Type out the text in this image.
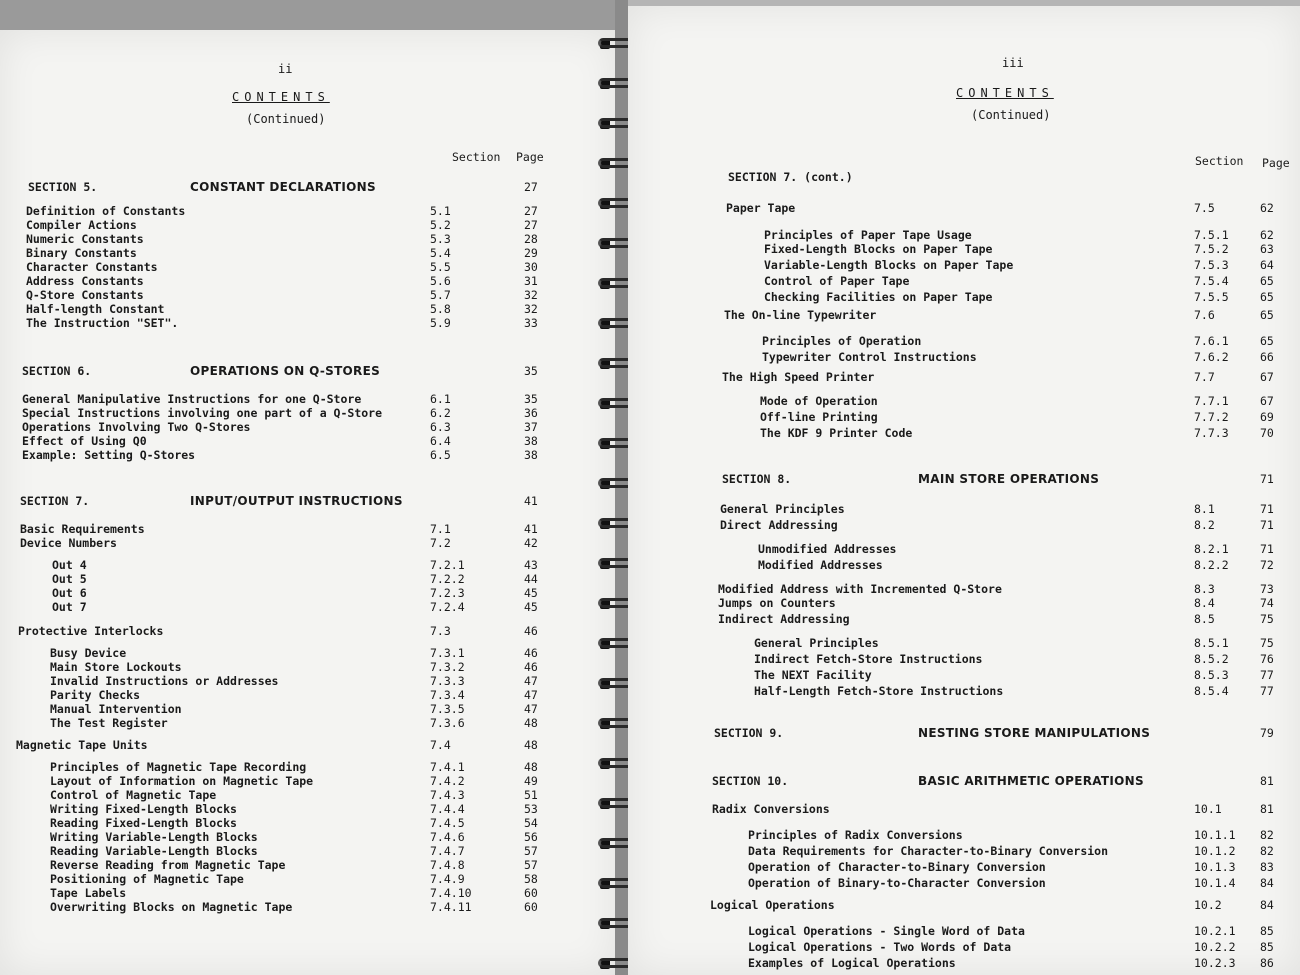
ii
CONTENTS
(Continued)
Section Page
SECTION 5.	CONSTANT DECLARATIONS	27
Definition of Constants	5.1	27
Compiler Actions	5.2	27
Numeric Constants	5.3	28
Binary Constants	5.4	29
Character Constants	5.5	30
Address Constants	5.6	31
Q-Store Constants	5.7	32
Half-length Constant	5.8	32
The Instruction "SET".	5.9	33
SECTION 6.	OPERATIONS ON Q-STORES	35
General Manipulative Instructions for one Q-Store	6.1	35
Special Instructions involving one part of a Q-Store	6.2	36
Operations Involving Two Q-Stores	6.3	37
Effect of Using Q0	6.4	38
Example: Setting Q-Stores	6.5	38
SECTION 7.	INPUT/OUTPUT INSTRUCTIONS	41
Basic Requirements	7.1	41
Device Numbers	7.2	42
Out 4	7.2.1	43
Out 5	7.2.2	44
Out 6	7.2.3	45
Out 7	7.2.4	45
Protective Interlocks	7.3	46
Busy Device	7.3.1	46
Main Store Lockouts	7.3.2	46
Invalid Instructions or Addresses	7.3.3	47
Parity Checks	7.3.4	47
Manual Intervention	7.3.5	47
The Test Register	7.3.6	48
Magnetic Tape Units	7.4	48
Principles of Magnetic Tape Recording	7.4.1	48
Layout of Information on Magnetic Tape	7.4.2	49
Control of Magnetic Tape	7.4.3	51
Writing Fixed-Length Blocks	7.4.4	53
Reading Fixed-Length Blocks	7.4.5	54
Writing Variable-Length Blocks	7.4.6	56
Reading Variable-Length Blocks	7.4.7	57
Reverse Reading from Magnetic Tape	7.4.8	57
Positioning of Magnetic Tape	7.4.9	58
Tape Labels	7.4.10	60
Overwriting Blocks on Magnetic Tape	7.4.11	60
iii
CONTENTS
(Continued)
Section Page
SECTION 7. (cont.)
Paper Tape	7.5	62
Principles of Paper Tape Usage	7.5.1	62
Fixed-Length Blocks on Paper Tape	7.5.2	63
Variable-Length Blocks on Paper Tape	7.5.3	64
Control of Paper Tape	7.5.4	65
Checking Facilities on Paper Tape	7.5.5	65
The On-line Typewriter	7.6	65
Principles of Operation	7.6.1	65
Typewriter Control Instructions	7.6.2	66
The High Speed Printer	7.7	67
Mode of Operation	7.7.1	67
Off-line Printing	7.7.2	69
The KDF 9 Printer Code	7.7.3	70
SECTION 8.	MAIN STORE OPERATIONS	71
General Principles	8.1	71
Direct Addressing	8.2	71
Unmodified Addresses	8.2.1	71
Modified Addresses	8.2.2	72
Modified Address with Incremented Q-Store	8.3	73
Jumps on Counters	8.4	74
Indirect Addressing	8.5	75
General Principles	8.5.1	75
Indirect Fetch-Store Instructions	8.5.2	76
The NEXT Facility	8.5.3	77
Half-Length Fetch-Store Instructions	8.5.4	77
SECTION 9.	NESTING STORE MANIPULATIONS	79
SECTION 10.	BASIC ARITHMETIC OPERATIONS	81
Radix Conversions	10.1	81
Principles of Radix Conversions	10.1.1 82
Data Requirements for Character-to-Binary Conversion	10.1.2 82
Operation of Character-to-Binary Conversion	10.1.3 83
Operation of Binary-to-Character Conversion	10.1.4 84
Logical Operations	10.2	84
Logical Operations - Single Word of Data	10.2.1 85
Logical Operations - Two Words of Data	10.2.2 85
Examples of Logical Operations	10.2.3 86
